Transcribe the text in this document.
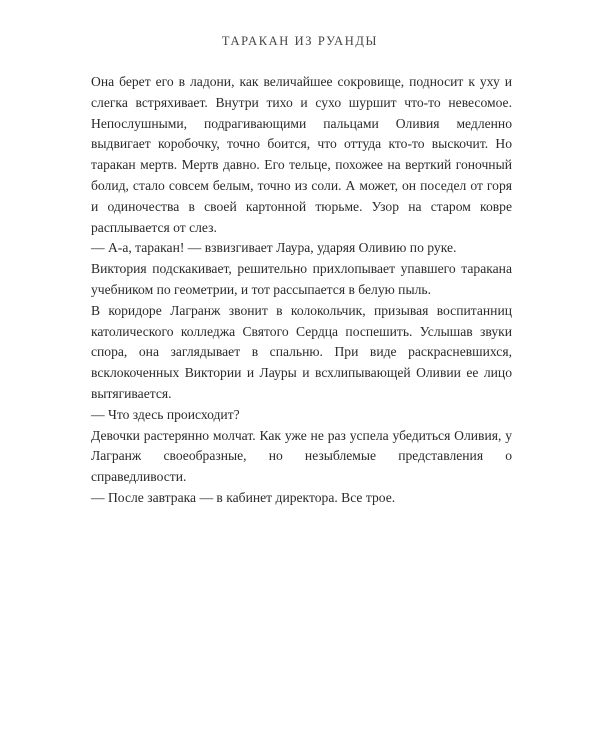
ТАРАКАН ИЗ РУАНДЫ

Она берет его в ладони, как величайшее сокровище, подносит к уху и слегка встряхивает. Внутри тихо и сухо шуршит что-то невесомое. Непослушными, подрагивающими пальцами Оливия медленно выдвигает коробочку, точно боится, что оттуда кто-то выскочит. Но таракан мертв. Мертв давно. Его тельце, похожее на верткий гоночный болид, стало совсем белым, точно из соли. А может, он поседел от горя и одиночества в своей картонной тюрьме. Узор на старом ковре расплывается от слез.

— А-а, таракан! — взвизгивает Лаура, ударяя Оливию по руке.

Виктория подскакивает, решительно прихлопывает упавшего таракана учебником по геометрии, и тот рассыпается в белую пыль.

В коридоре Лагранж звонит в колокольчик, призывая воспитанниц католического колледжа Святого Сердца поспешить. Услышав звуки спора, она заглядывает в спальню. При виде раскрасневшихся, всклокоченных Виктории и Лауры и всхлипывающей Оливии ее лицо вытягивается.

— Что здесь происходит?

Девочки растерянно молчат. Как уже не раз успела убедиться Оливия, у Лагранж своеобразные, но незыблемые представления о справедливости.

— После завтрака — в кабинет директора. Все трое.
